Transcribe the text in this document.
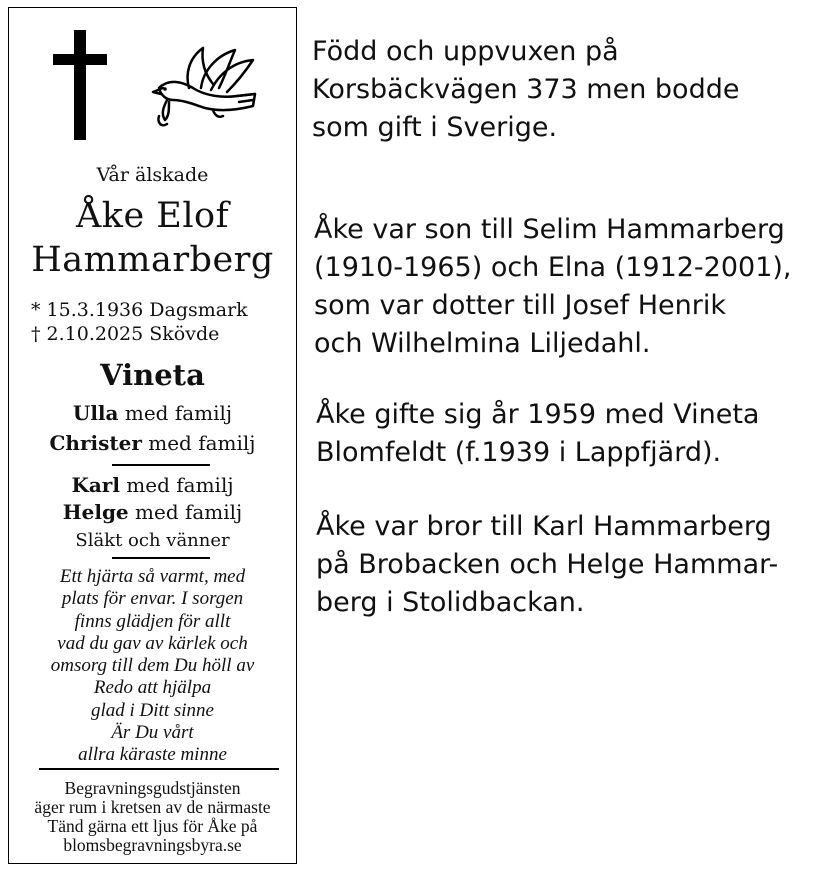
Vår älskade
Åke Elof
Hammarberg
* 15.3.1936 Dagsmark
† 2.10.2025 Skövde
Vineta
Ulla med familj
Christer med familj
Karl med familj
Helge med familj
Släkt och vänner
Ett hjärta så varmt, med
plats för envar. I sorgen
finns glädjen för allt
vad du gav av kärlek och
omsorg till dem Du höll av
Redo att hjälpa
glad i Ditt sinne
Är Du vårt
allra käraste minne
Begravningsgudstjänsten
äger rum i kretsen av de närmaste
Tänd gärna ett ljus för Åke på
blomsbegravningsbyra.se
Född och uppvuxen på
Korsbäckvägen 373 men bodde
som gift i Sverige.
Åke var son till Selim Hammarberg
(1910-1965) och Elna (1912-2001),
som var dotter till Josef Henrik
och Wilhelmina Liljedahl.
Åke gifte sig år 1959 med Vineta
Blomfeldt (f.1939 i Lappfjärd).
Åke var bror till Karl Hammarberg
på Brobacken och Helge Hammar-
berg i Stolidbackan.
